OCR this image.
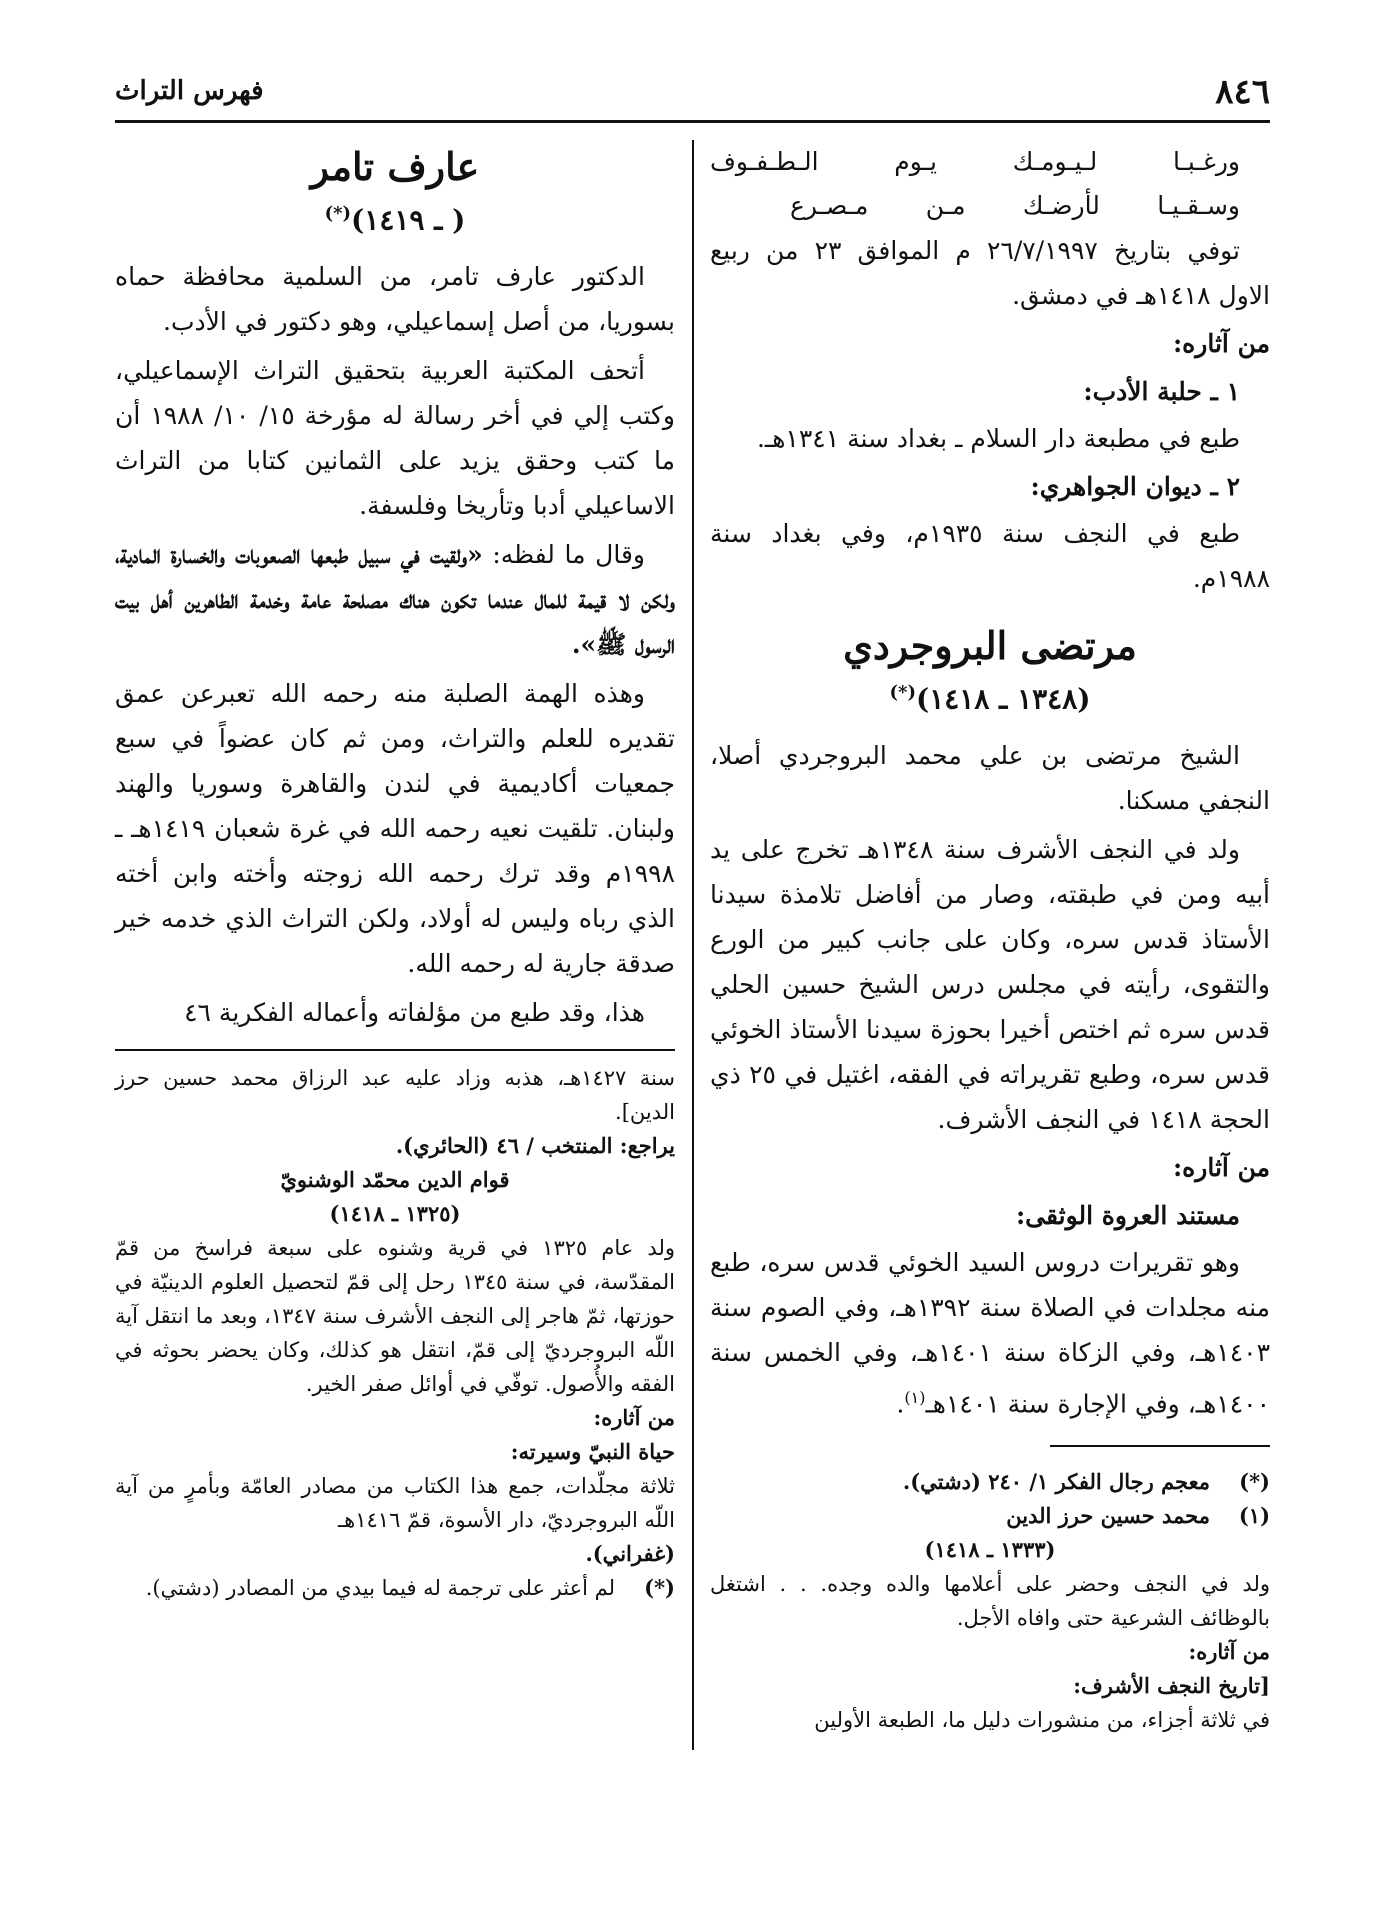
٨٤٦
فهرس التراث
ورغـبـا لـيـومـك يـوم الـطـفـوف
وسـقـيـا لأرضـك مـن مـصـرع

توفي بتاريخ ٢٦/٧/١٩٩٧ م الموافق ٢٣ من ربيع الاول ١٤١٨هـ في دمشق.

من آثاره:
١ ـ حلبة الأدب:

طبع في مطبعة دار السلام ـ بغداد سنة ١٣٤١هـ.

٢ ـ ديوان الجواهري:

طبع في النجف سنة ١٩٣٥م، وفي بغداد سنة ١٩٨٨م.

مرتضى البروجردي
(١٣٤٨ ـ ١٤١٨)(*)

الشيخ مرتضى بن علي محمد البروجردي أصلا، النجفي مسكنا.

ولد في النجف الأشرف سنة ١٣٤٨هـ تخرج على يد أبيه ومن في طبقته، وصار من أفاضل تلامذة سيدنا الأستاذ قدس سره، وكان على جانب كبير من الورع والتقوى، رأيته في مجلس درس الشيخ حسين الحلي قدس سره ثم اختص أخيرا بحوزة سيدنا الأستاذ الخوئي قدس سره، وطبع تقريراته في الفقه، اغتيل في ٢٥ ذي الحجة ١٤١٨ في النجف الأشرف.

من آثاره:
مستند العروة الوثقى:

وهو تقريرات دروس السيد الخوئي قدس سره، طبع منه مجلدات في الصلاة سنة ١٣٩٢هـ، وفي الصوم سنة ١٤٠٣هـ، وفي الزكاة سنة ١٤٠١هـ، وفي الخمس سنة ١٤٠٠هـ، وفي الإجارة سنة ١٤٠١هـ$^{(١)}$.

(*)
معجم رجال الفكر ١/ ٢٤٠ (دشتي).
(١)
محمد حسين حرز الدين

(١٣٣٣ ـ ١٤١٨)

ولد في النجف وحضر على أعلامها والده وجده. . . اشتغل بالوظائف الشرعية حتى وافاه الأجل.

من آثاره:

[تاريخ النجف الأشرف:

في ثلاثة أجزاء، من منشورات دليل ما، الطبعة الأولين

عارف تامر
( ـ ١٤١٩)(*)

الدكتور عارف تامر، من السلمية محافظة حماه بسوريا، من أصل إسماعيلي، وهو دكتور في الأدب.

أتحف المكتبة العربية بتحقيق التراث الإسماعيلي، وكتب إلي في أخر رسالة له مؤرخة ١٥/ ١٠/ ١٩٨٨ أن ما كتب وحقق يزيد على الثمانين كتابا من التراث الاساعيلي أدبا وتأريخا وفلسفة.

وقال ما لفظه: «ولقيت في سبيل طبعها الصعوبات والخسارة المادية، ولكن لا قيمة للمال عندما تكون هناك مصلحة عامة وخدمة الطاهرين أهل بيت الرسول ﷺ».

وهذه الهمة الصلبة منه رحمه الله تعبرعن عمق تقديره للعلم والتراث، ومن ثم كان عضواً في سبع جمعيات أكاديمية في لندن والقاهرة وسوريا والهند ولبنان. تلقيت نعيه رحمه الله في غرة شعبان ١٤١٩هـ ـ ١٩٩٨م وقد ترك رحمه الله زوجته وأخته وابن أخته الذي رباه وليس له أولاد، ولكن التراث الذي خدمه خير صدقة جارية له رحمه الله.

هذا، وقد طبع من مؤلفاته وأعماله الفكرية ٤٦

سنة ١٤٢٧هـ، هذبه وزاد عليه عبد الرزاق محمد حسين حرز الدين].

يراجع: المنتخب / ٤٦ (الحائري).

قوام الدين محمّد الوشنويّ

(١٣٢٥ ـ ١٤١٨)

ولد عام ١٣٢٥ في قرية وشنوه على سبعة فراسخ من قمّ المقدّسة، في سنة ١٣٤٥ رحل إلى قمّ لتحصيل العلوم الدينيّة في حوزتها، ثمّ هاجر إلى النجف الأشرف سنة ١٣٤٧، وبعد ما انتقل آية اللّه البروجرديّ إلى قمّ، انتقل هو كذلك، وكان يحضر بحوثه في الفقه والأُصول. توفّي في أوائل صفر الخير.

من آثاره:

حياة النبيّ وسيرته:

ثلاثة مجلّدات، جمع هذا الكتاب من مصادر العامّة وبأمرٍ من آية اللّه البروجرديّ، دار الأسوة، قمّ ١٤١٦هـ

(غفراني).

(*)
لم أعثر على ترجمة له فيما بيدي من المصادر (دشتي).
